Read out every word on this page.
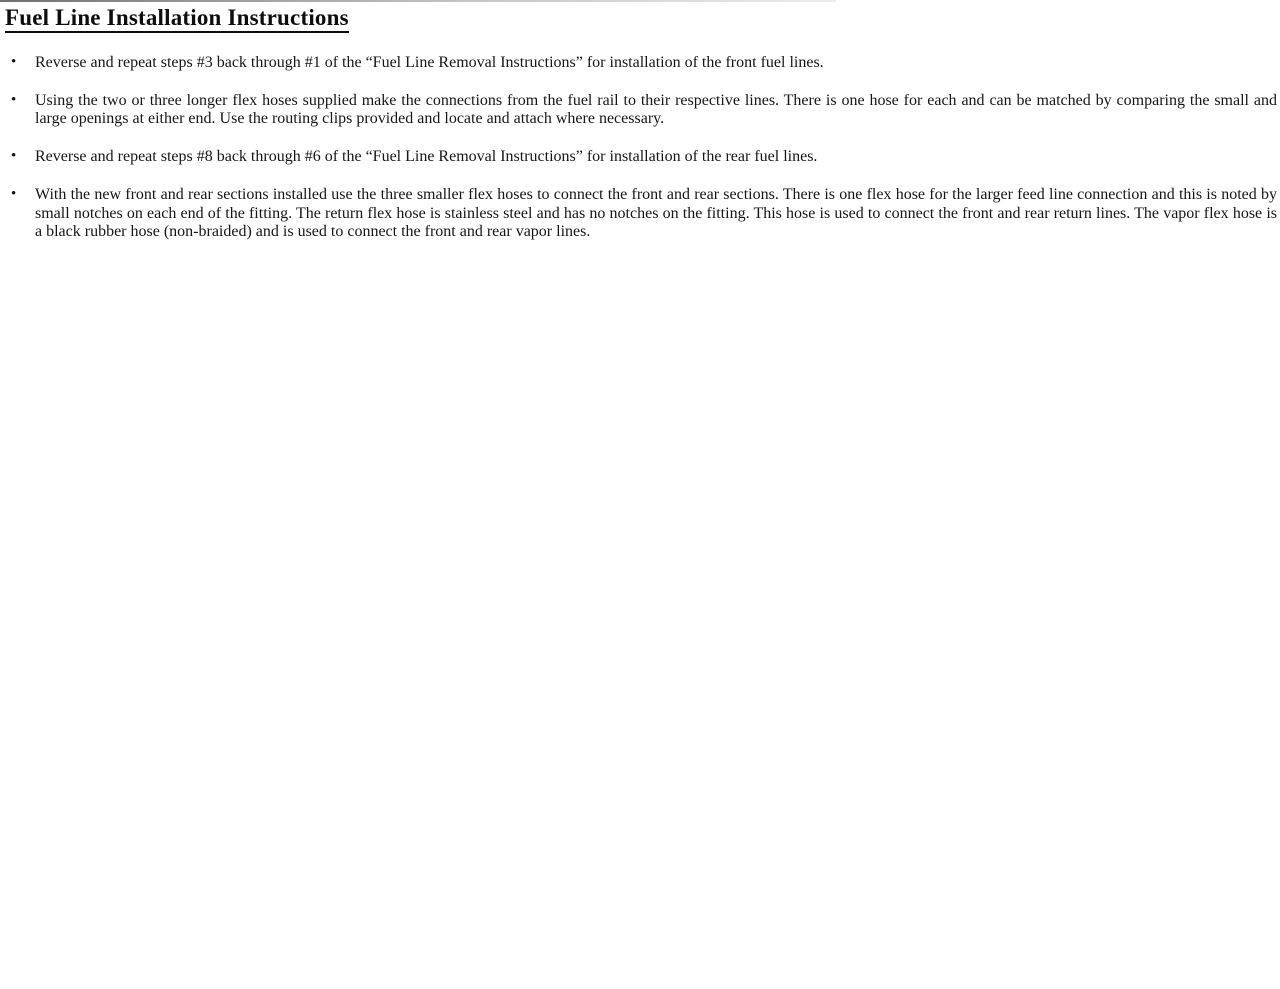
Fuel Line Installation Instructions
• Reverse and repeat steps #3 back through #1 of the “Fuel Line Removal Instructions” for installation of the front fuel lines.
• Using the two or three longer flex hoses supplied make the connections from the fuel rail to their respective lines. There is one hose for each and can be matched by comparing the small and large openings at either end. Use the routing clips provided and locate and attach where necessary.
• Reverse and repeat steps #8 back through #6 of the “Fuel Line Removal Instructions” for installation of the rear fuel lines.
• With the new front and rear sections installed use the three smaller flex hoses to connect the front and rear sections. There is one flex hose for the larger feed line connection and this is noted by small notches on each end of the fitting. The return flex hose is stainless steel and has no notches on the fitting. This hose is used to connect the front and rear return lines. The vapor flex hose is a black rubber hose (non-braided) and is used to connect the front and rear vapor lines.
